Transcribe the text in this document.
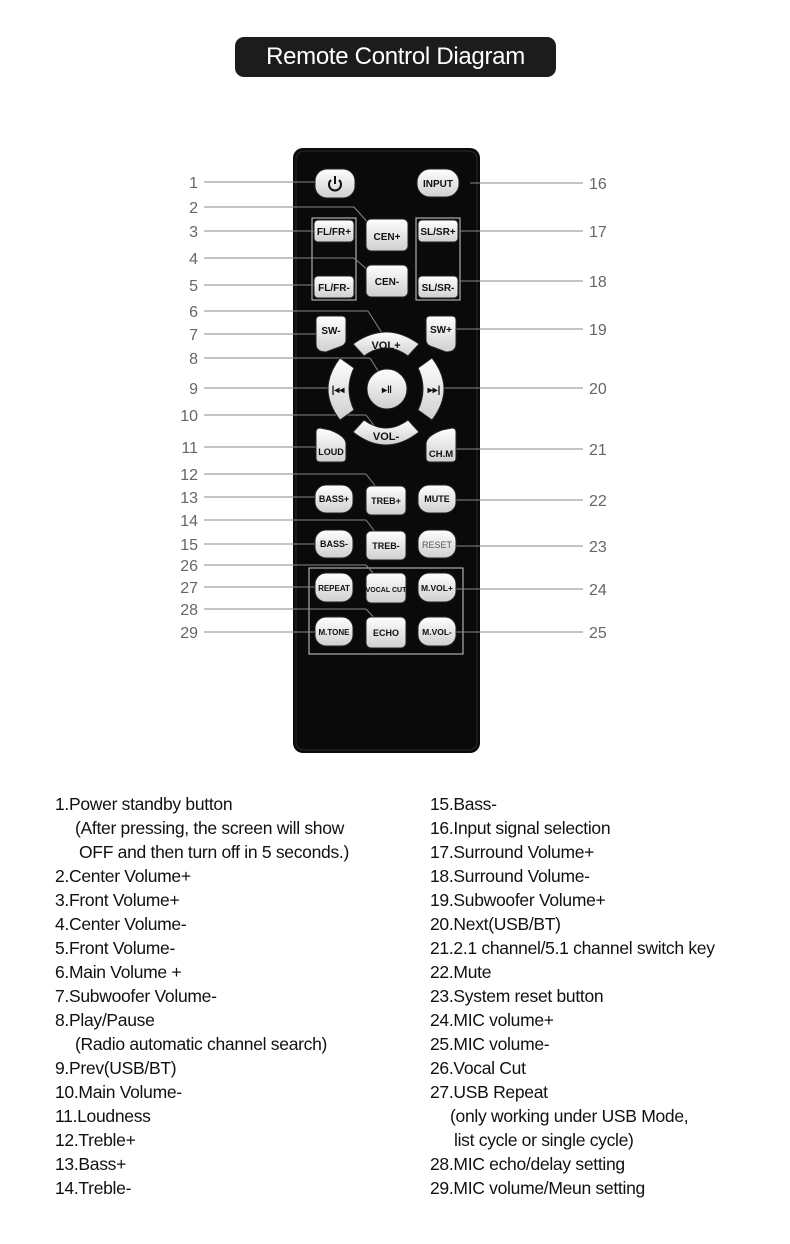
Remote Control Diagram
1
2
3
4
5
6
7
8
9
10
11
12
13
14
15
26
27
28
29
16
17
18
19
20
21
22
23
24
25
INPUT
FL/FR+ CEN+ SL/SR+
CEN-
FL/FR-	SL/SR-
SW-	SW+
VOL+
|◂◂	▸▸|
VOL-
▸‖
LOUD	CH.M
BASS+ TREB+	MUTE
BASS-	TREB- RESET
REPEAT VOCAL CUT M.VOL+
M.TONE	ECHO	M.VOL-
1.Power standby button
(After pressing, the screen will show
OFF and then turn off in 5 seconds.)
2.Center Volume+
3.Front Volume+
4.Center Volume-
5.Front Volume-
6.Main Volume +
7.Subwoofer Volume-
8.Play/Pause
(Radio automatic channel search)
9.Prev(USB/BT)
10.Main Volume-
11.Loudness
12.Treble+
13.Bass+
14.Treble-
15.Bass-
16.Input signal selection
17.Surround Volume+
18.Surround Volume-
19.Subwoofer Volume+
20.Next(USB/BT)
21.2.1 channel/5.1 channel switch key
22.Mute
23.System reset button
24.MIC volume+
25.MIC volume-
26.Vocal Cut
27.USB Repeat
(only working under USB Mode,
list cycle or single cycle)
28.MIC echo/delay setting
29.MIC volume/Meun setting
